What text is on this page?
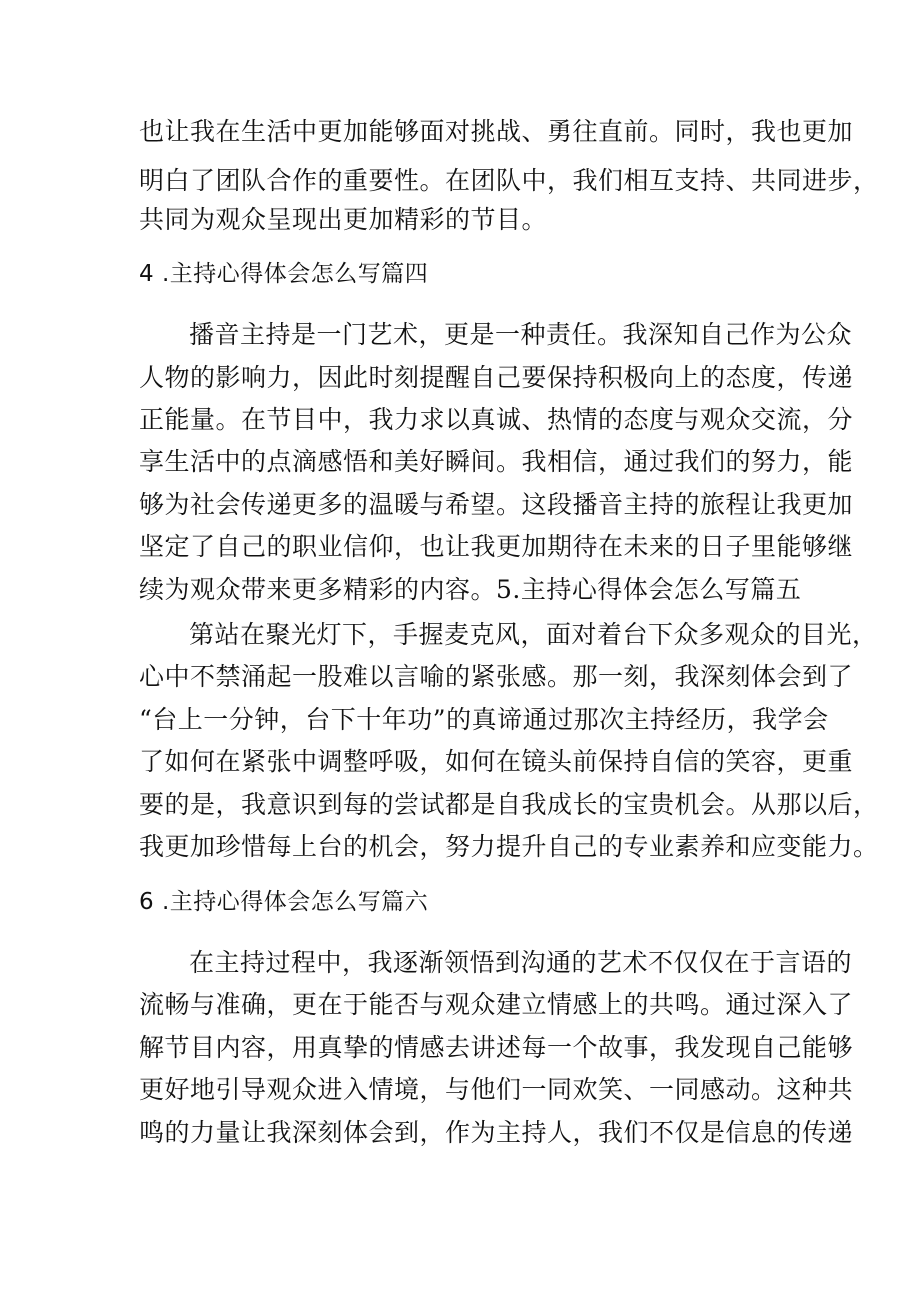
也让我在生活中更加能够面对挑战、勇往直前。同时，我也更加
明白了团队合作的重要性。在团队中，我们相互支持、共同进步，
共同为观众呈现出更加精彩的节目。
4 .主持心得体会怎么写篇四
播音主持是一门艺术，更是一种责任。我深知自己作为公众
人物的影响力，因此时刻提醒自己要保持积极向上的态度，传递
正能量。在节目中，我力求以真诚、热情的态度与观众交流，分
享生活中的点滴感悟和美好瞬间。我相信，通过我们的努力，能
够为社会传递更多的温暖与希望。这段播音主持的旅程让我更加
坚定了自己的职业信仰，也让我更加期待在未来的日子里能够继
续为观众带来更多精彩的内容。5.主持心得体会怎么写篇五
第站在聚光灯下，手握麦克风，面对着台下众多观众的目光，
心中不禁涌起一股难以言喻的紧张感。那一刻，我深刻体会到了
“台上一分钟，台下十年功”的真谛通过那次主持经历，我学会
了如何在紧张中调整呼吸，如何在镜头前保持自信的笑容，更重
要的是，我意识到每的尝试都是自我成长的宝贵机会。从那以后，
我更加珍惜每上台的机会，努力提升自己的专业素养和应变能力。
6 .主持心得体会怎么写篇六
在主持过程中，我逐渐领悟到沟通的艺术不仅仅在于言语的
流畅与准确，更在于能否与观众建立情感上的共鸣。通过深入了
解节目内容，用真挚的情感去讲述每一个故事，我发现自己能够
更好地引导观众进入情境，与他们一同欢笑、一同感动。这种共
鸣的力量让我深刻体会到，作为主持人，我们不仅是信息的传递
